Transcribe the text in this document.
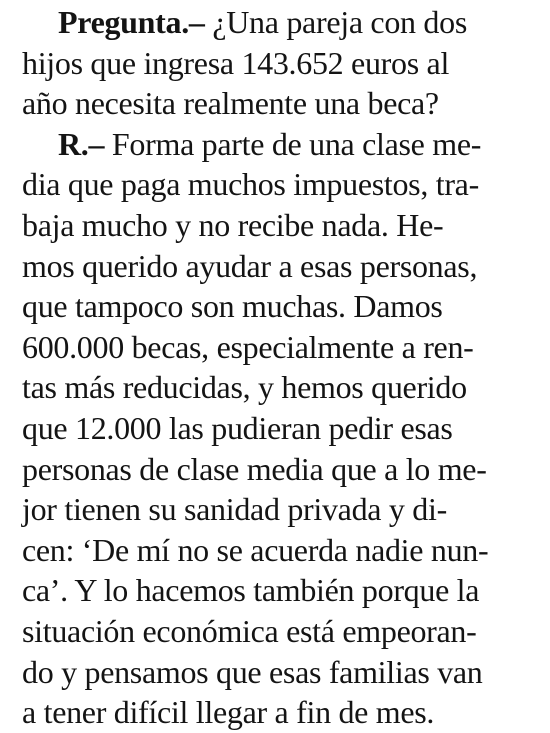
Pregunta.– ¿Una pareja con dos
hijos que ingresa 143.652 euros al
año necesita realmente una beca?
R.– Forma parte de una clase me-
dia que paga muchos impuestos, tra-
baja mucho y no recibe nada. He-
mos querido ayudar a esas personas,
que tampoco son muchas. Damos
600.000 becas, especialmente a ren-
tas más reducidas, y hemos querido
que 12.000 las pudieran pedir esas
personas de clase media que a lo me-
jor tienen su sanidad privada y di-
cen: ‘De mí no se acuerda nadie nun-
ca’. Y lo hacemos también porque la
situación económica está empeoran-
do y pensamos que esas familias van
a tener difícil llegar a fin de mes.
